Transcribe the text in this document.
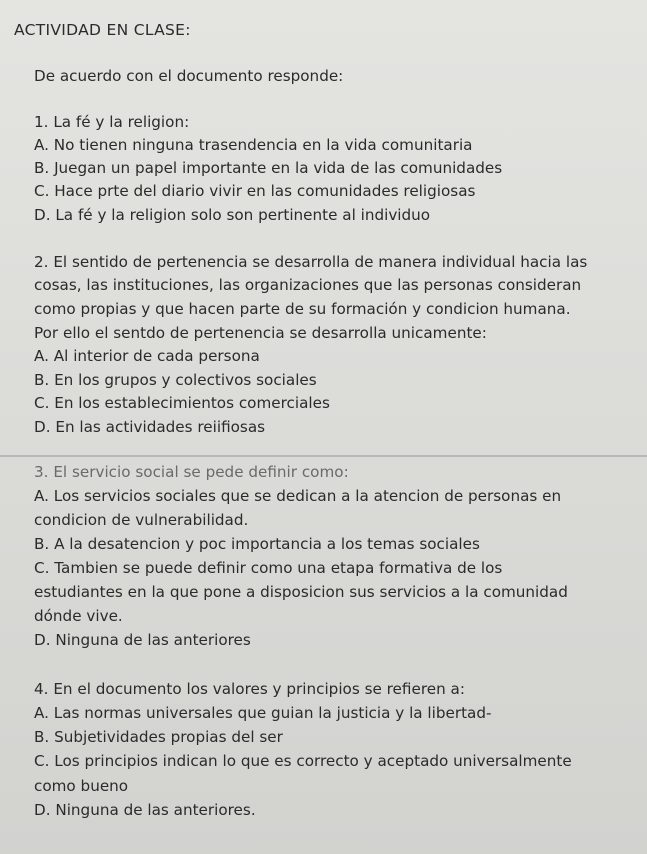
ACTIVIDAD EN CLASE:
De acuerdo con el documento responde:
1. La fé y la religion:
A. No tienen ninguna trasendencia en la vida comunitaria
B. Juegan un papel importante en la vida de las comunidades
C. Hace prte del diario vivir en las comunidades religiosas
D. La fé y la religion solo son pertinente al individuo
2. El sentido de pertenencia se desarrolla de manera individual hacia las
cosas, las instituciones, las organizaciones que las personas consideran
como propias y que hacen parte de su formación y condicion humana.
Por ello el sentdo de pertenencia se desarrolla unicamente:
A. Al interior de cada persona
B. En los grupos y colectivos sociales
C. En los establecimientos comerciales
D. En las actividades reiifiosas
3. El servicio social se pede definir como:
A. Los servicios sociales que se dedican a la atencion de personas en
condicion de vulnerabilidad.
B. A la desatencion y poc importancia a los temas sociales
C. Tambien se puede definir como una etapa formativa de los
estudiantes en la que pone a disposicion sus servicios a la comunidad
dónde vive.
D. Ninguna de las anteriores
4. En el documento los valores y principios se refieren a:
A. Las normas universales que guian la justicia y la libertad-
B. Subjetividades propias del ser
C. Los principios indican lo que es correcto y aceptado universalmente
como bueno
D. Ninguna de las anteriores.
